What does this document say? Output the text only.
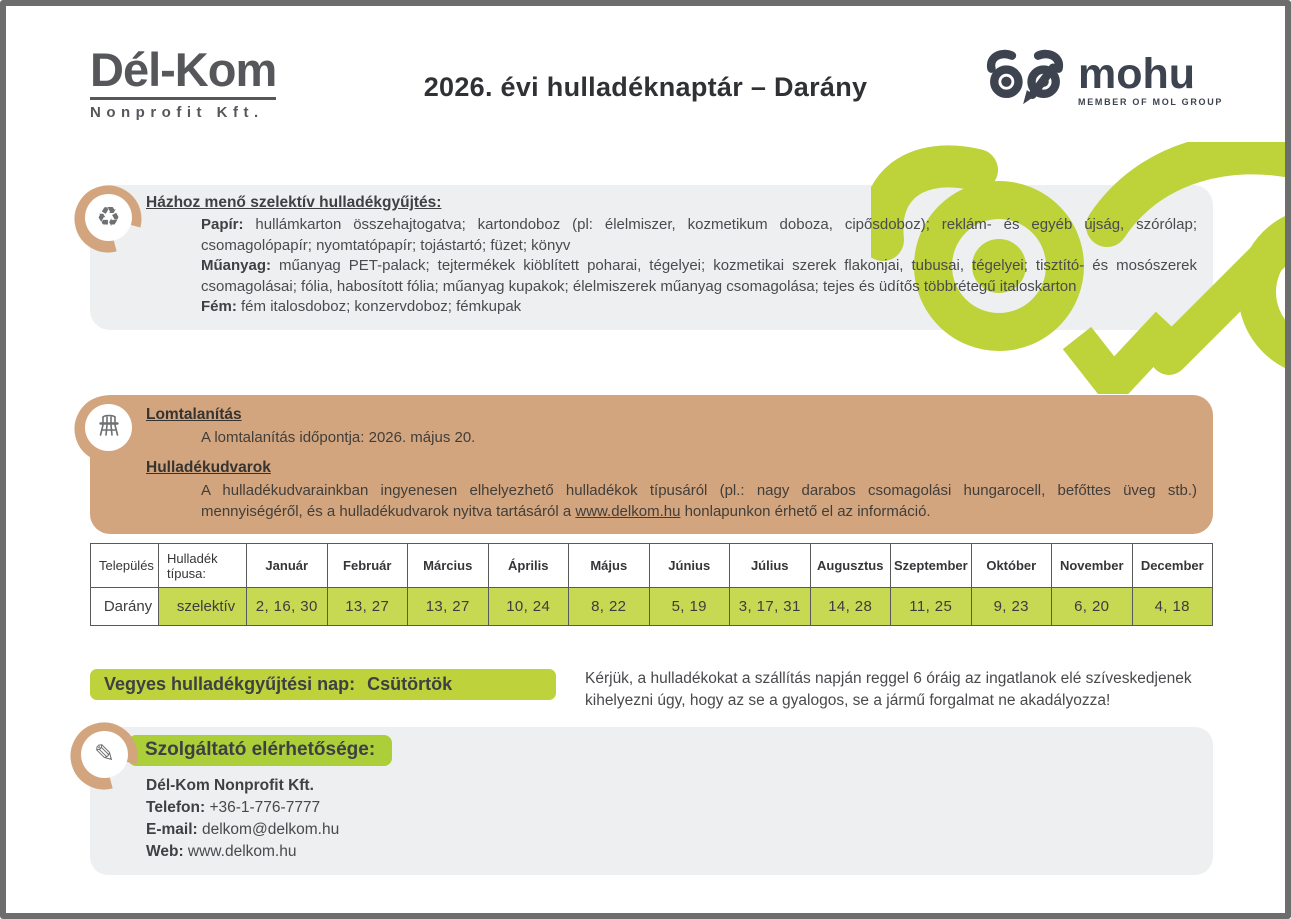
Dél-Kom
Nonprofit Kft.
2026. évi hulladéknaptár – Darány	mohu
MEMBER OF MOL GROUP
Házhoz menő szelektív hulladékgyűjtés:

Papír: hullámkarton összehajtogatva; kartondoboz (pl: élelmiszer, kozmetikum doboza, cipősdoboz); reklám- és egyéb újság, szórólap; csomagolópapír; nyomtatópapír; tojástartó; füzet; könyv

Műanyag: műanyag PET-palack; tejtermékek kiöblített poharai, tégelyei; kozmetikai szerek flakonjai, tubusai, tégelyei; tisztító- és mosószerek csomagolásai; fólia, habosított fólia; műanyag kupakok; élelmiszerek műanyag csomagolása; tejes és üdítős többrétegű italoskarton

Fém: fém italosdoboz; konzervdoboz; fémkupak

Lomtalanítás

A lomtalanítás időpontja: 2026. május 20.

Hulladékudvarok

A hulladékudvarainkban ingyenesen elhelyezhető hulladékok típusáról (pl.: nagy darabos csomagolási hungarocell, befőttes üveg stb.) mennyiségéről, és a hulladékudvarok nyitva tartásáról a www.delkom.hu honlapunkon érhető el az információ.

♻
✎
Település	Hulladék típusa:	Január	Február	Március	Április	Május	Június	Július	Augusztus	Szeptember	Október	November	December
Darány	szelektív	2, 16, 30	13, 27	13, 27	10, 24	8, 22	5, 19	3, 17, 31	14, 28	11, 25	9, 23	6, 20	4, 18
Vegyes hulladékgyűjtési nap: Csütörtök	Kérjük, a hulladékokat a szállítás napján reggel 6 óráig az ingatlanok elé szíveskedjenek kihelyezni úgy, hogy az se a gyalogos, se a jármű forgalmat ne akadályozza!

Szolgáltató elérhetősége:
Dél-Kom Nonprofit Kft.
Telefon: +36-1-776-7777
E-mail: delkom@delkom.hu
Web: www.delkom.hu
